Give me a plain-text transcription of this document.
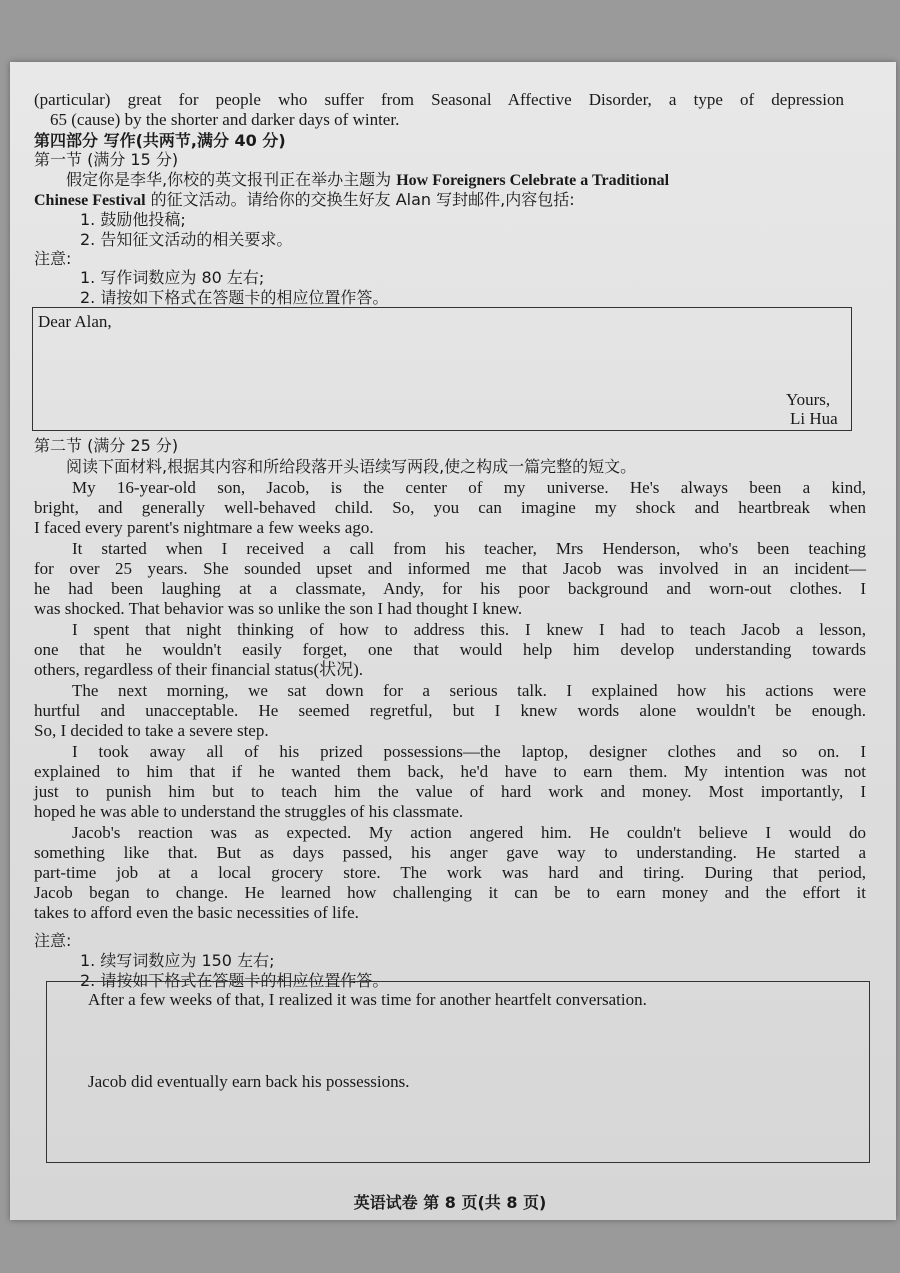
(particular) great for people who suffer from Seasonal Affective Disorder, a type of depression
65 (cause) by the shorter and darker days of winter.
第四部分 写作(共两节,满分 40 分)
第一节 (满分 15 分)
假定你是李华,你校的英文报刊正在举办主题为 How Foreigners Celebrate a Traditional
Chinese Festival 的征文活动。请给你的交换生好友 Alan 写封邮件,内容包括:
1. 鼓励他投稿;
2. 告知征文活动的相关要求。
注意:
1. 写作词数应为 80 左右;
2. 请按如下格式在答题卡的相应位置作答。
Dear Alan,
Yours,
Li Hua
第二节 (满分 25 分)
阅读下面材料,根据其内容和所给段落开头语续写两段,使之构成一篇完整的短文。
My 16-year-old son, Jacob, is the center of my universe. He's always been a kind,
bright, and generally well-behaved child. So, you can imagine my shock and heartbreak when
I faced every parent's nightmare a few weeks ago.
It started when I received a call from his teacher, Mrs Henderson, who's been teaching
for over 25 years. She sounded upset and informed me that Jacob was involved in an incident—
he had been laughing at a classmate, Andy, for his poor background and worn-out clothes. I
was shocked. That behavior was so unlike the son I had thought I knew.
I spent that night thinking of how to address this. I knew I had to teach Jacob a lesson,
one that he wouldn't easily forget, one that would help him develop understanding towards
others, regardless of their financial status(状况).
The next morning, we sat down for a serious talk. I explained how his actions were
hurtful and unacceptable. He seemed regretful, but I knew words alone wouldn't be enough.
So, I decided to take a severe step.
I took away all of his prized possessions—the laptop, designer clothes and so on. I
explained to him that if he wanted them back, he'd have to earn them. My intention was not
just to punish him but to teach him the value of hard work and money. Most importantly, I
hoped he was able to understand the struggles of his classmate.
Jacob's reaction was as expected. My action angered him. He couldn't believe I would do
something like that. But as days passed, his anger gave way to understanding. He started a
part-time job at a local grocery store. The work was hard and tiring. During that period,
Jacob began to change. He learned how challenging it can be to earn money and the effort it
takes to afford even the basic necessities of life.
注意:
1. 续写词数应为 150 左右;
2. 请按如下格式在答题卡的相应位置作答。
After a few weeks of that, I realized it was time for another heartfelt conversation.
Jacob did eventually earn back his possessions.
英语试卷 第 8 页(共 8 页)
